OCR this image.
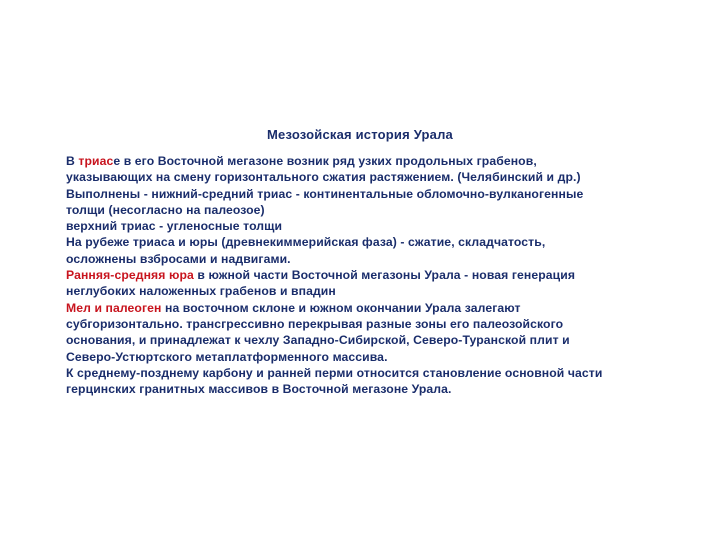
Мезозойская история Урала
В триасе в его Восточной мегазоне возник ряд узких продольных грабенов,
указывающих на смену горизонтального сжатия растяжением. (Челябинский и др.)
Выполнены - нижний-средний триас - континентальные обломочно-вулканогенные
толщи (несогласно на палеозое)
верхний триас - угленосные толщи
На рубеже триаса и юры (древнекиммерийская фаза) - сжатие, складчатость,
осложнены взбросами и надвигами.
Ранняя-средняя юра в южной части Восточной мегазоны Урала - новая генерация
неглубоких наложенных грабенов и впадин
Мел и палеоген на восточном склоне и южном окончании Урала залегают
субгоризонтально. трансгрессивно перекрывая разные зоны его палеозойского
основания, и принадлежат к чехлу Западно-Сибирской, Северо-Туранской плит и
Северо-Устюртского метаплатформенного массива.
К среднему-позднему карбону и ранней перми относится становление основной части
герцинских гранитных массивов в Восточной мегазоне Урала.
